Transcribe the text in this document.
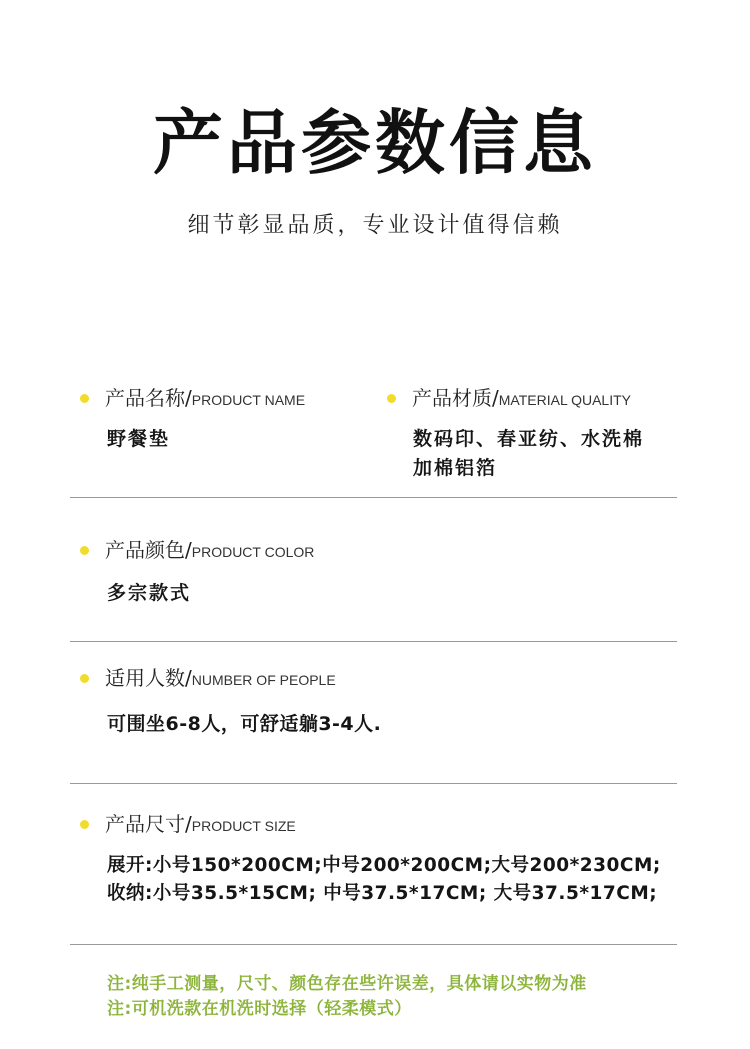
产品参数信息
细节彰显品质，专业设计值得信赖
产品名称 / PRODUCT NAME
野餐垫
产品材质 / MATERIAL QUALITY
数码印、春亚纺、水洗棉
加棉铝箔
产品颜色 / PRODUCT COLOR
多宗款式
适用人数 / NUMBER OF PEOPLE
可围坐6-8人，可舒适躺3-4人.
产品尺寸 / PRODUCT SIZE
展开:小号150*200CM;中号200*200CM;大号200*230CM;
收纳:小号35.5*15CM; 中号37.5*17CM; 大号37.5*17CM;
注:纯手工测量，尺寸、颜色存在些许误差，具体请以实物为准
注:可机洗款在机洗时选择（轻柔模式）
